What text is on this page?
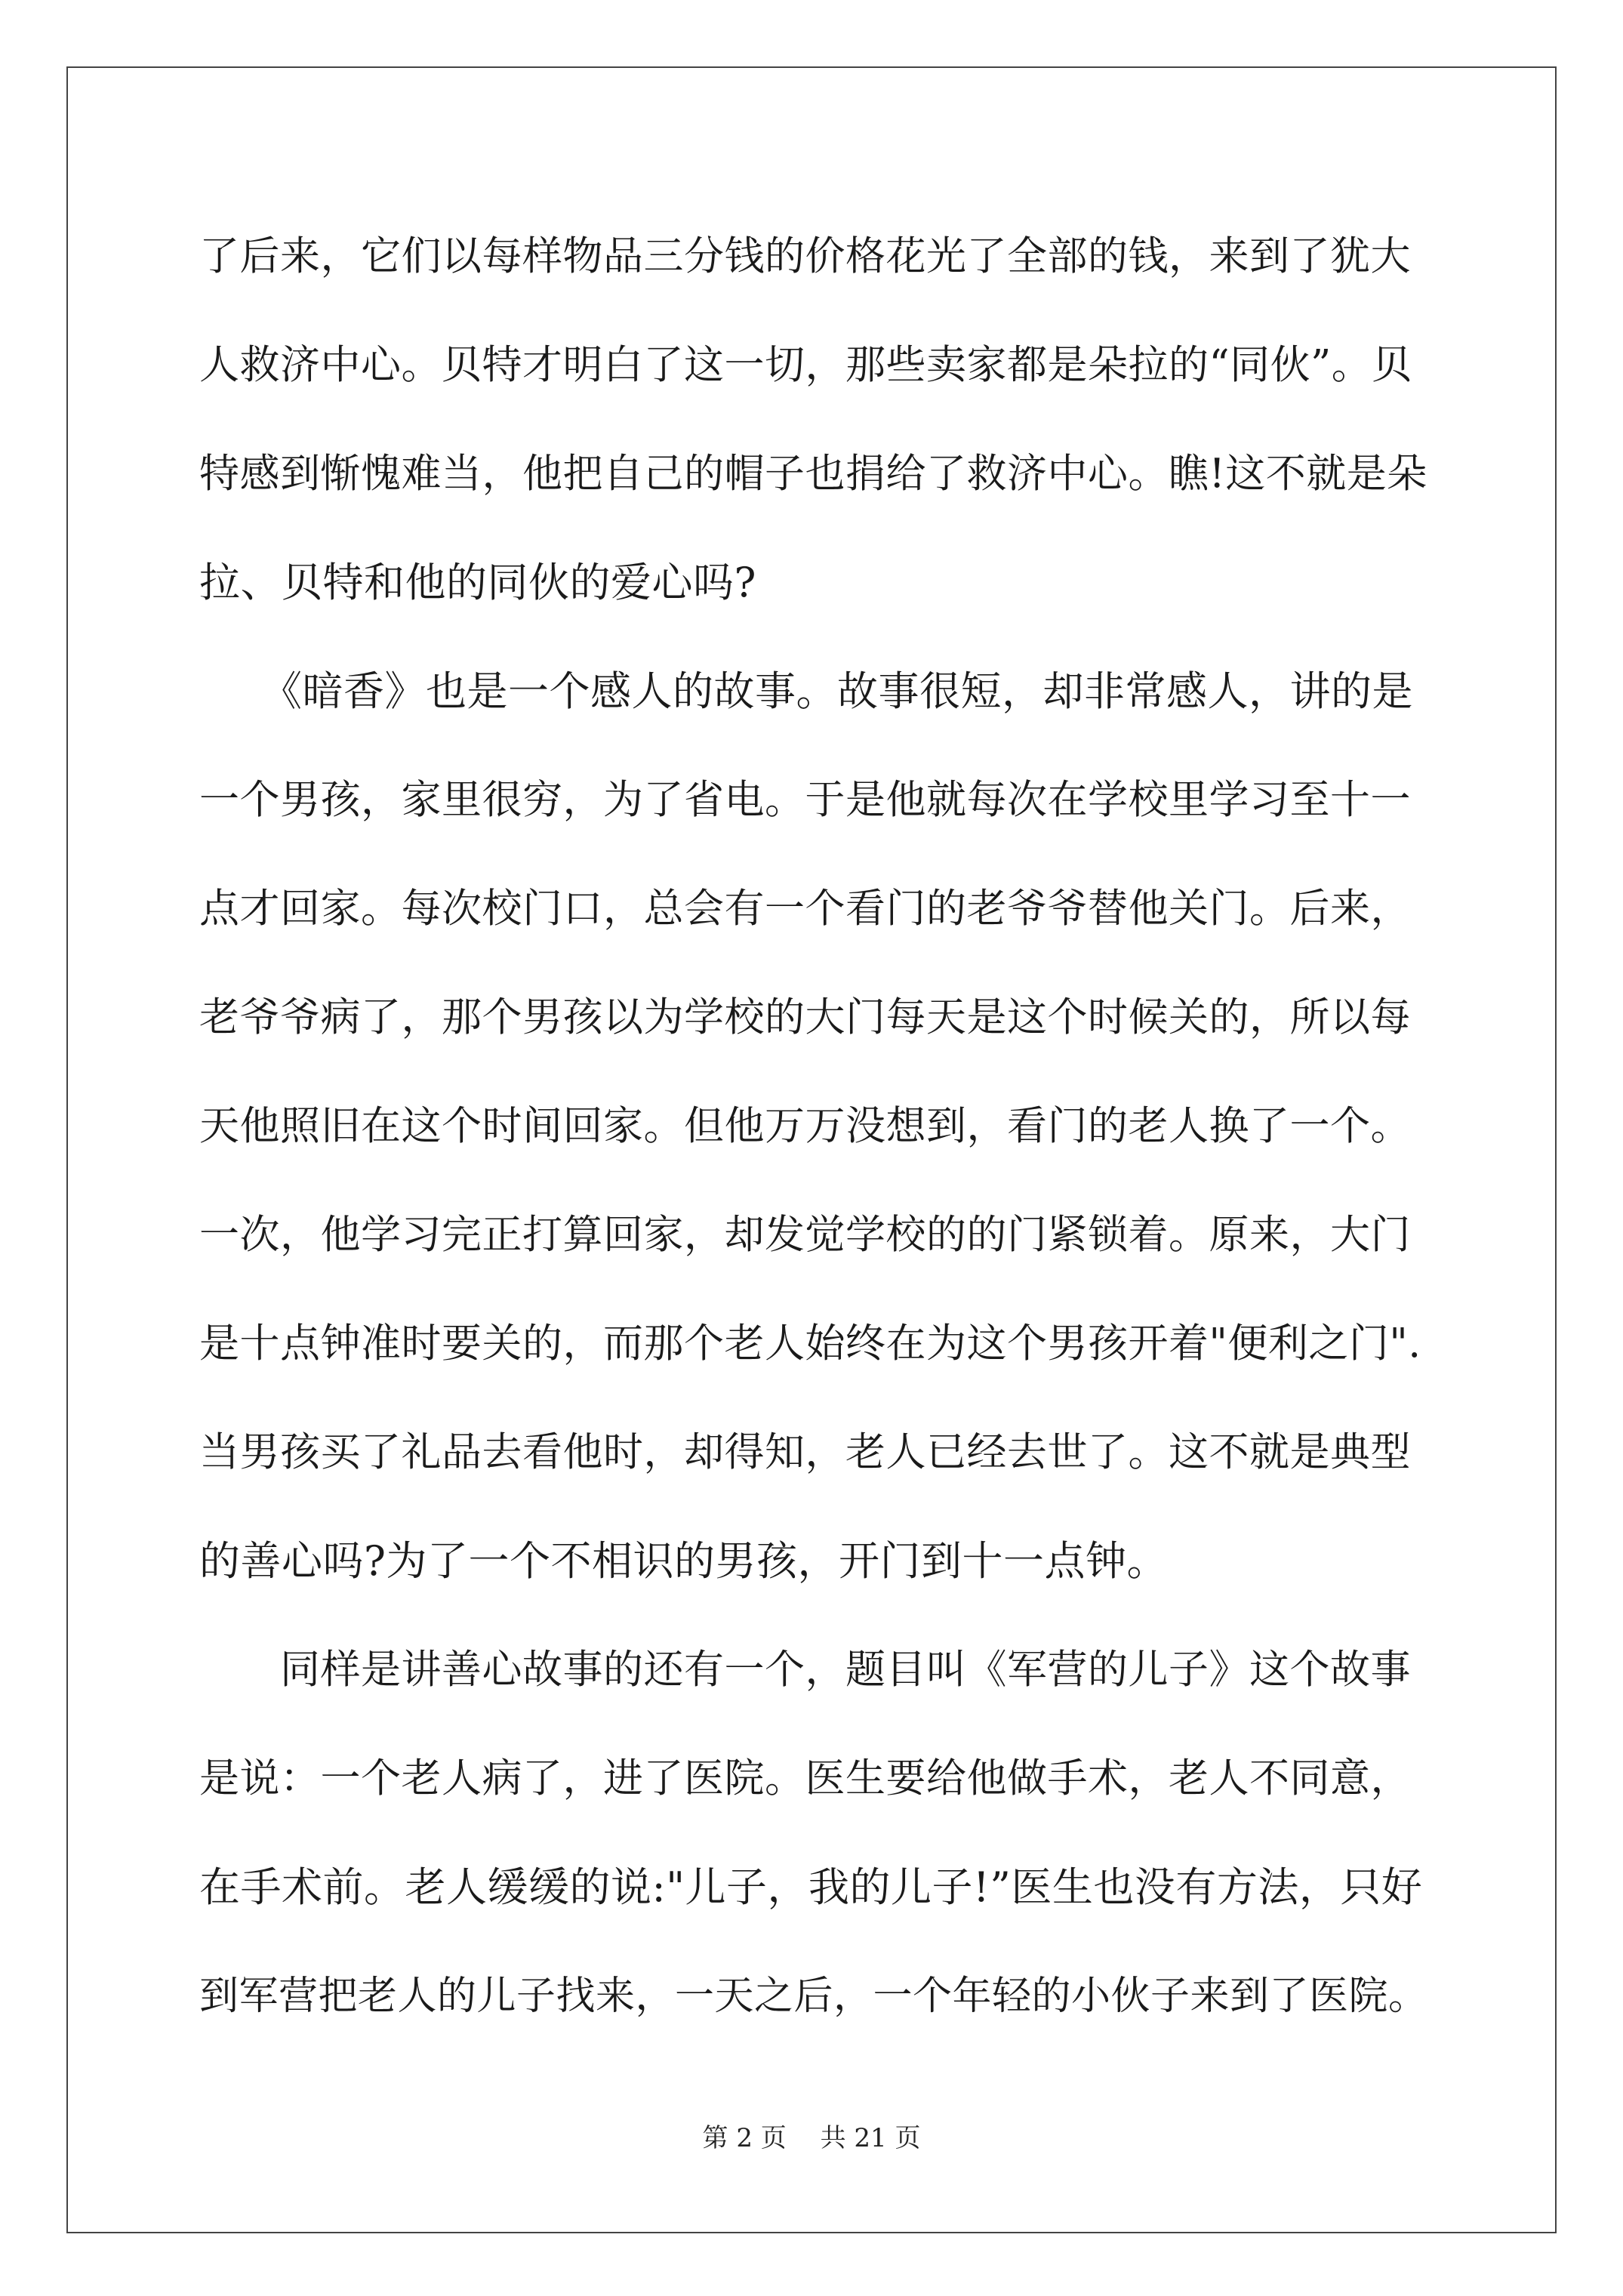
了后来，它们以每样物品三分钱的价格花光了全部的钱，来到了犹大
人救济中心。贝特才明白了这一切，那些卖家都是朵拉的“同伙”。贝
特感到惭愧难当，他把自己的帽子也捐给了救济中心。瞧!这不就是朵
拉、贝特和他的同伙的爱心吗?
　　《暗香》也是一个感人的故事。故事很短，却非常感人，讲的是
一个男孩，家里很穷，为了省电。于是他就每次在学校里学习至十一
点才回家。每次校门口，总会有一个看门的老爷爷替他关门。后来，
老爷爷病了，那个男孩以为学校的大门每天是这个时候关的，所以每
天他照旧在这个时间回家。但他万万没想到，看门的老人换了一个。
一次，他学习完正打算回家，却发觉学校的的门紧锁着。原来，大门
是十点钟准时要关的，而那个老人始终在为这个男孩开着"便利之门".
当男孩买了礼品去看他时，却得知，老人已经去世了。这不就是典型
的善心吗?为了一个不相识的男孩，开门到十一点钟。
　　同样是讲善心故事的还有一个，题目叫《军营的儿子》这个故事
是说：一个老人病了，进了医院。医生要给他做手术，老人不同意，
在手术前。老人缓缓的说:"儿子，我的儿子!”医生也没有方法，只好
到军营把老人的儿子找来，一天之后，一个年轻的小伙子来到了医院。
第 2 页　 共 21 页
